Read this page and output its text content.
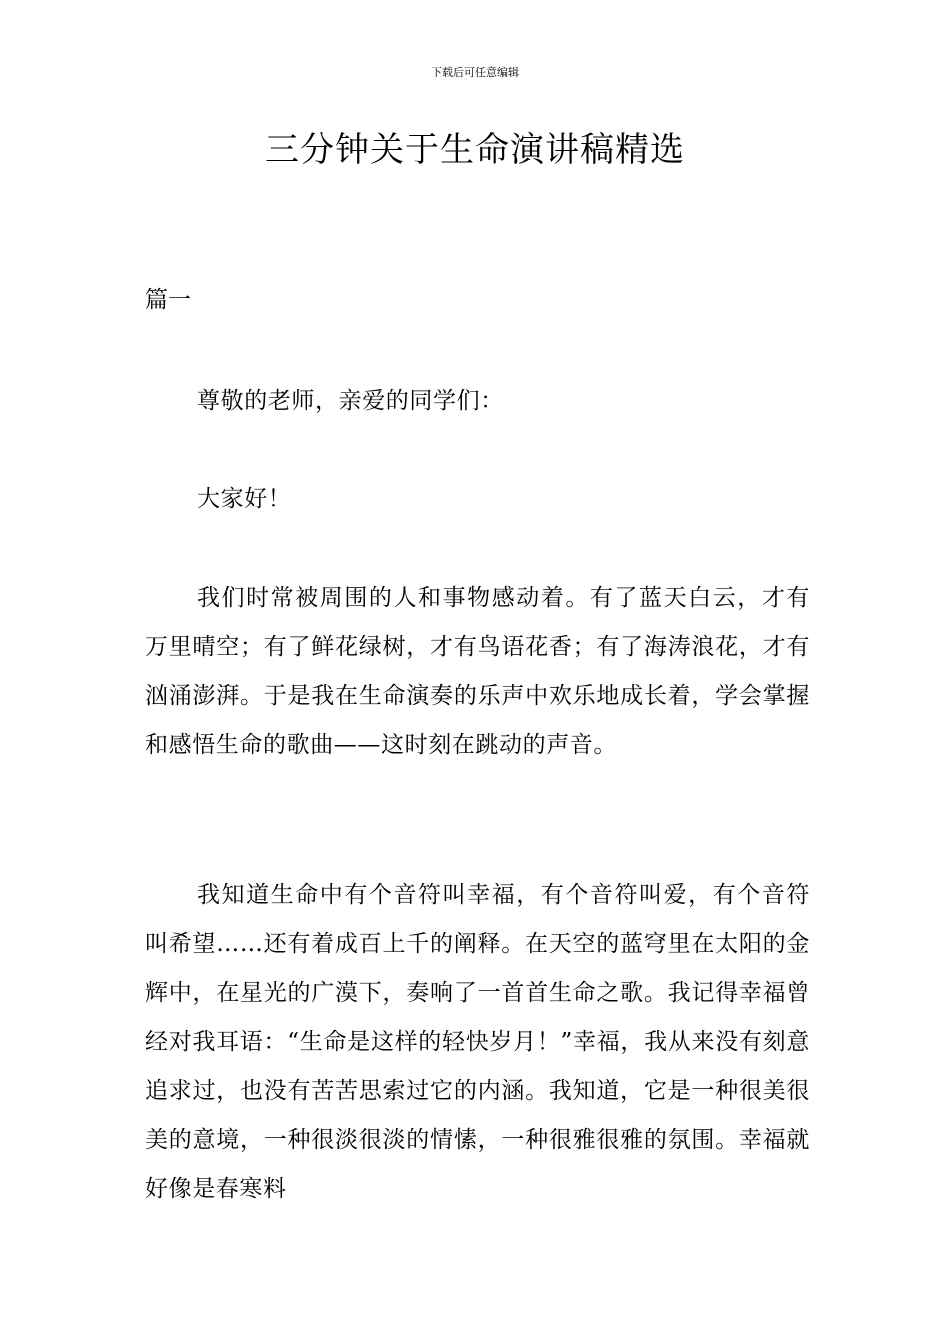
下载后可任意编辑
三分钟关于生命演讲稿精选
篇一

尊敬的老师，亲爱的同学们：

大家好！

我们时常被周围的人和事物感动着。有了蓝天白云，才有万里晴空；有了鲜花绿树，才有鸟语花香；有了海涛浪花，才有汹涌澎湃。于是我在生命演奏的乐声中欢乐地成长着，学会掌握和感悟生命的歌曲——这时刻在跳动的声音。

我知道生命中有个音符叫幸福，有个音符叫爱，有个音符叫希望……还有着成百上千的阐释。在天空的蓝穹里在太阳的金辉中，在星光的广漠下，奏响了一首首生命之歌。我记得幸福曾经对我耳语：“生命是这样的轻快岁月！”幸福，我从来没有刻意追求过，也没有苦苦思索过它的内涵。我知道，它是一种很美很美的意境，一种很淡很淡的情愫，一种很雅很雅的氛围。幸福就好像是春寒料
